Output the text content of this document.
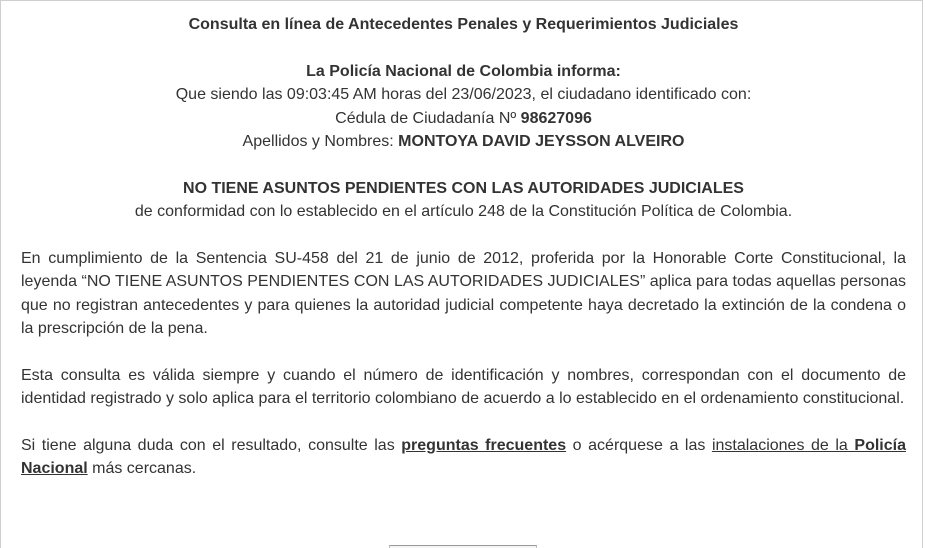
Consulta en línea de Antecedentes Penales y Requerimientos Judiciales

La Policía Nacional de Colombia informa:
Que siendo las 09:03:45 AM horas del 23/06/2023, el ciudadano identificado con:
Cédula de Ciudadanía Nº 98627096
Apellidos y Nombres: MONTOYA DAVID JEYSSON ALVEIRO
NO TIENE ASUNTOS PENDIENTES CON LAS AUTORIDADES JUDICIALES
de conformidad con lo establecido en el artículo 248 de la Constitución Política de Colombia.

En cumplimiento de la Sentencia SU-458 del 21 de junio de 2012, proferida por la Honorable Corte Constitucional, la leyenda “NO TIENE ASUNTOS PENDIENTES CON LAS AUTORIDADES JUDICIALES” aplica para todas aquellas personas que no registran antecedentes y para quienes la autoridad judicial competente haya decretado la extinción de la condena o la prescripción de la pena.

Esta consulta es válida siempre y cuando el número de identificación y nombres, correspondan con el documento de identidad registrado y solo aplica para el territorio colombiano de acuerdo a lo establecido en el ordenamiento constitucional.

Si tiene alguna duda con el resultado, consulte las preguntas frecuentes o acérquese a las instalaciones de la Policía Nacional más cercanas.
